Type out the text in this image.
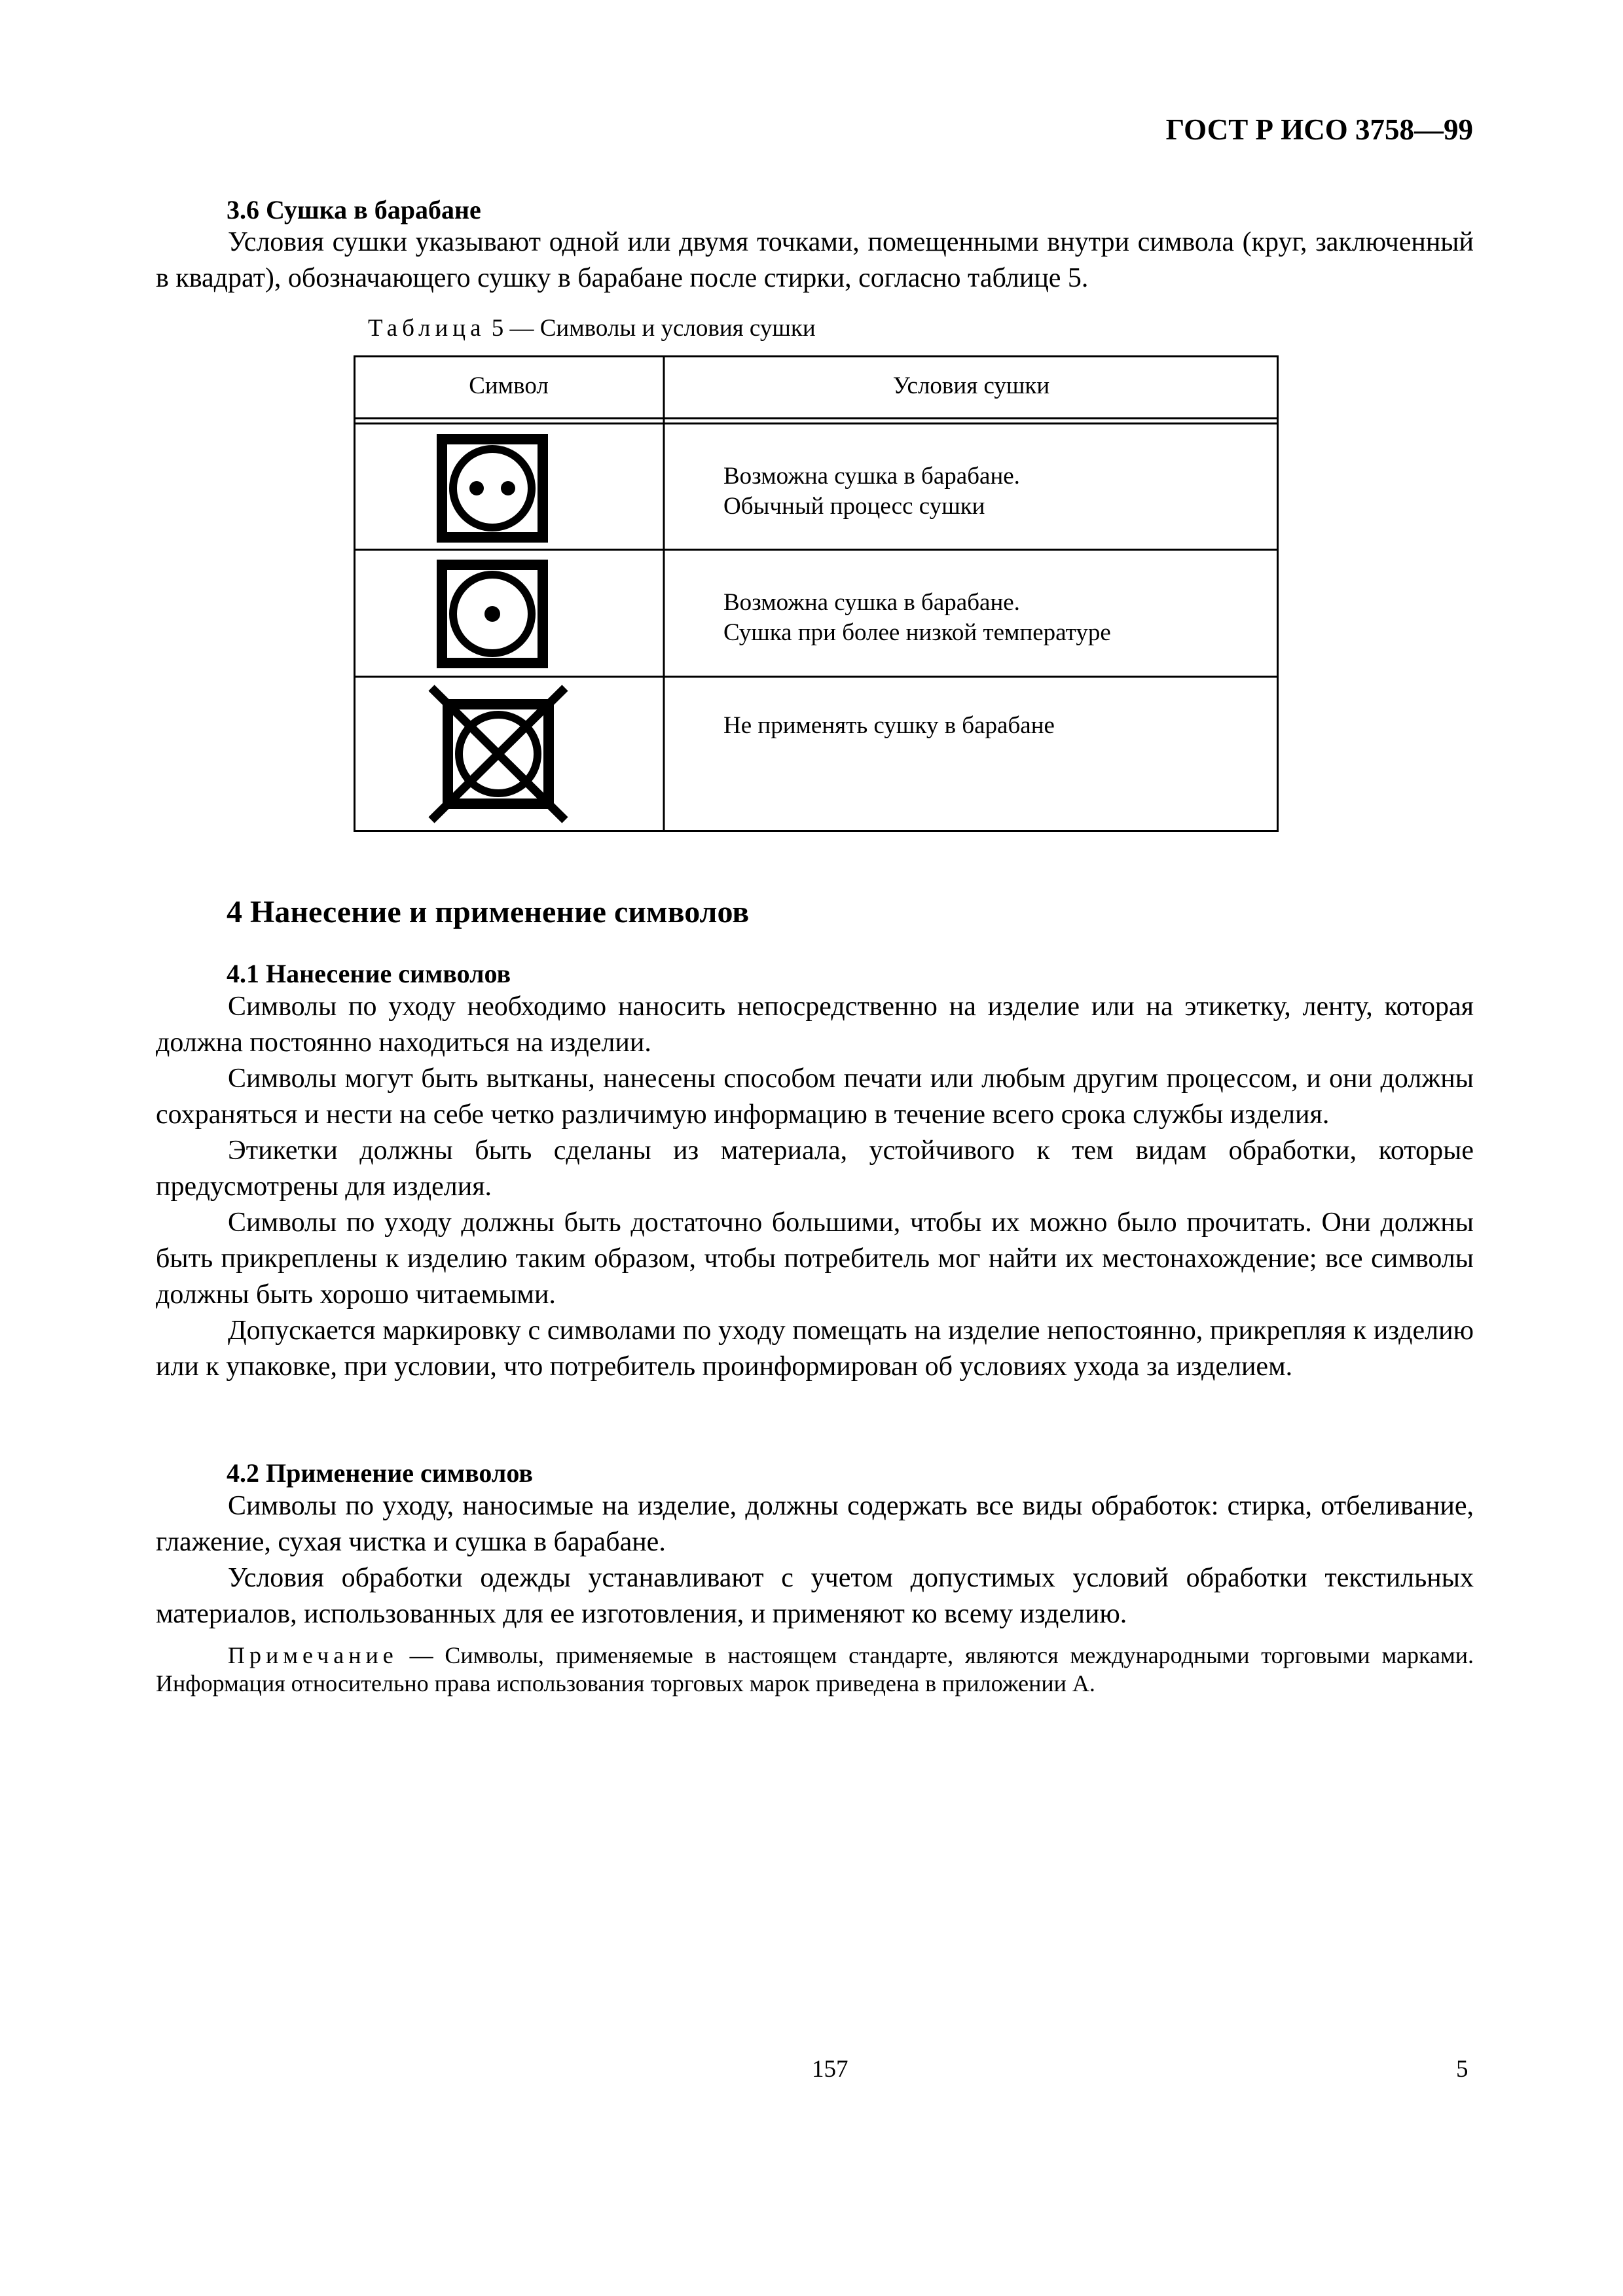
ГОСТ Р ИСО 3758—99
3.6 Сушка в барабане

Условия сушки указывают одной или двумя точками, помещенными внутри символа (круг, заключенный в квадрат), обозначающего сушку в барабане после стирки, согласно таблице 5.

Таблица 5 — Символы и условия сушки
Символ	Условия сушки
Возможна сушка в барабане.
Обычный процесс сушки
Возможна сушка в барабане.
Сушка при более низкой температуре
Не применять сушку в барабане
4 Нанесение и применение символов
4.1 Нанесение символов

Символы по уходу необходимо наносить непосредственно на изделие или на этикетку, ленту, которая должна постоянно находиться на изделии.

Символы могут быть вытканы, нанесены способом печати или любым другим процессом, и они должны сохраняться и нести на себе четко различимую информацию в течение всего срока службы изделия.

Этикетки должны быть сделаны из материала, устойчивого к тем видам обработки, которые предусмотрены для изделия.

Символы по уходу должны быть достаточно большими, чтобы их можно было прочитать. Они должны быть прикреплены к изделию таким образом, чтобы потребитель мог найти их местонахождение; все символы должны быть хорошо читаемыми.

Допускается маркировку с символами по уходу помещать на изделие непостоянно, прикрепляя к изделию или к упаковке, при условии, что потребитель проинформирован об условиях ухода за изделием.

4.2 Применение символов

Символы по уходу, наносимые на изделие, должны содержать все виды обработок: стирка, отбеливание, глажение, сухая чистка и сушка в барабане.

Условия обработки одежды устанавливают с учетом допустимых условий обработки текстильных материалов, использованных для ее изготовления, и применяют ко всему изделию.

Примечание — Символы, применяемые в настоящем стандарте, являются международными торговыми марками. Информация относительно права использования торговых марок приведена в приложении А.
157	5
